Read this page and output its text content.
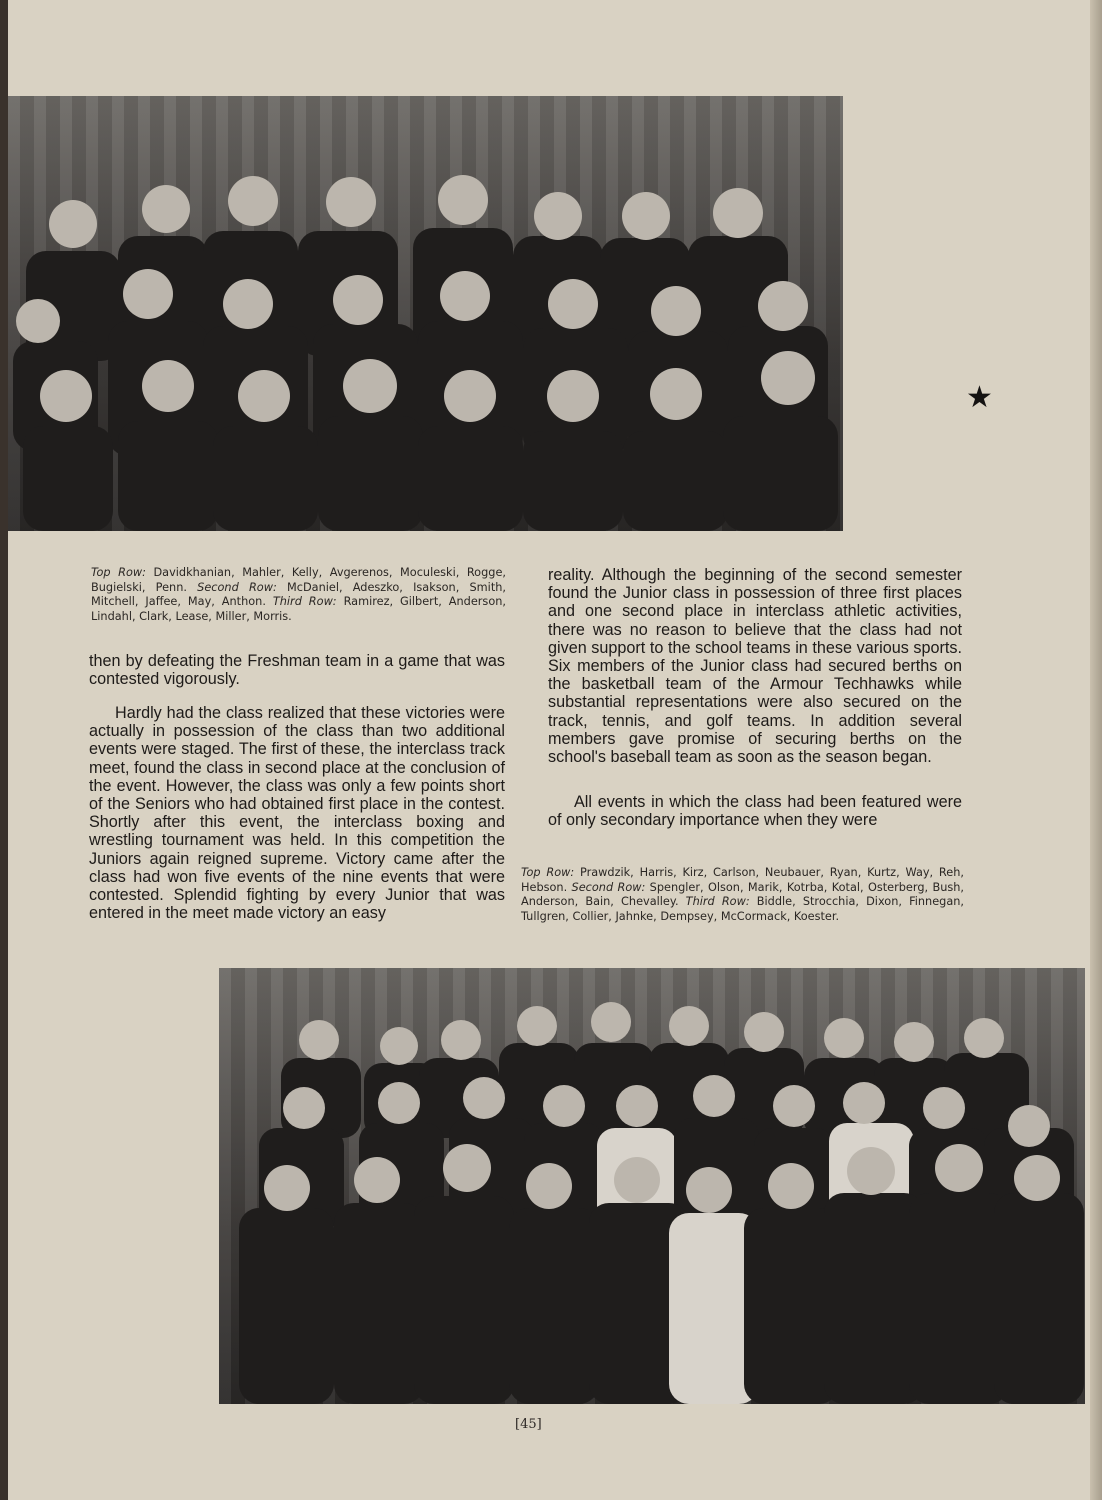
★

Top Row: Davidkhanian, Mahler, Kelly, Avgerenos, Moculeski, Rogge, Bugielski, Penn. Second Row: McDaniel, Adeszko, Isakson, Smith, Mitchell, Jaffee, May, Anthon. Third Row: Ramirez, Gilbert, Anderson, Lindahl, Clark, Lease, Miller, Morris.

then by defeating the Freshman team in a game that was contested vigorously.

Hardly had the class realized that these victories were actually in possession of the class than two additional events were staged. The first of these, the interclass track meet, found the class in second place at the conclusion of the event. However, the class was only a few points short of the Seniors who had obtained first place in the contest. Shortly after this event, the interclass boxing and wrestling tournament was held. In this competition the Juniors again reigned supreme. Victory came after the class had won five events of the nine events that were contested. Splendid fighting by every Junior that was entered in the meet made victory an easy

reality. Although the beginning of the second semester found the Junior class in possession of three first places and one second place in interclass athletic activities, there was no reason to believe that the class had not given support to the school teams in these various sports. Six members of the Junior class had secured berths on the basketball team of the Armour Techhawks while substantial representations were also secured on the track, tennis, and golf teams. In addition several members gave promise of securing berths on the school's baseball team as soon as the season began.

All events in which the class had been featured were of only secondary importance when they were

Top Row: Prawdzik, Harris, Kirz, Carlson, Neubauer, Ryan, Kurtz, Way, Reh, Hebson. Second Row: Spengler, Olson, Marik, Kotrba, Kotal, Osterberg, Bush, Anderson, Bain, Chevalley. Third Row: Biddle, Strocchia, Dixon, Finnegan, Tullgren, Collier, Jahnke, Dempsey, McCormack, Koester.

[45]
